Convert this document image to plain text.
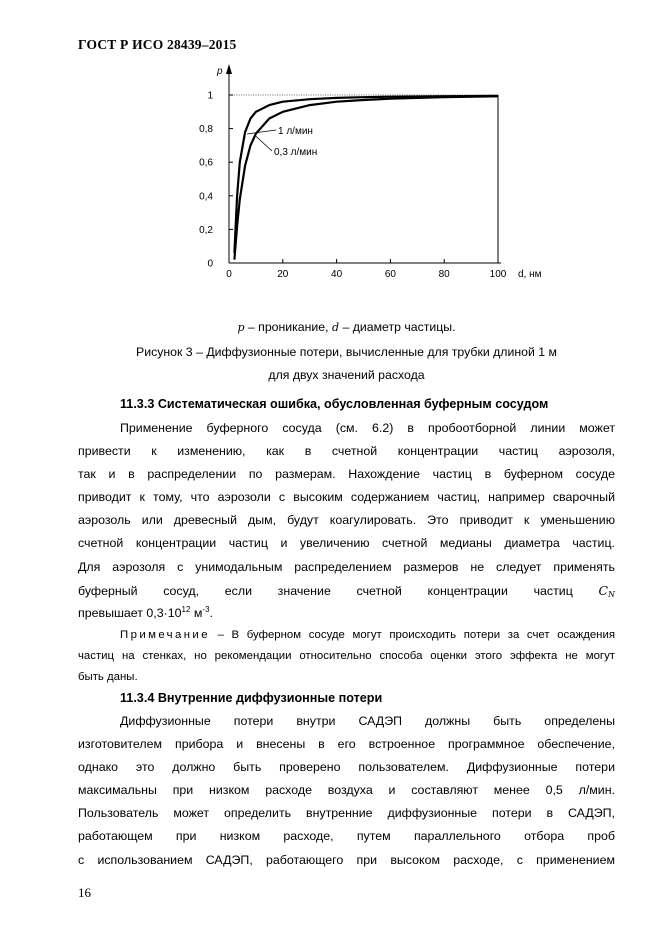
ГОСТ Р ИСО 28439–2015
0
0,2
0,4
0,6
0,8
1
0	20	40	60	80	100
p
d, нм
1 л/мин
0,3 л/мин
p – проникание, d – диаметр частицы.
Рисунок 3 – Диффузионные потери, вычисленные для трубки длиной 1 м
для двух значений расхода
11.3.3 Систематическая ошибка, обусловленная буферным сосудом
Применение буферного сосуда (см. 6.2) в пробоотборной линии может
привести к изменению, как в счетной концентрации частиц аэрозоля,
так и в распределении по размерам. Нахождение частиц в буферном сосуде
приводит к тому, что аэрозоли с высоким содержанием частиц, например сварочный
аэрозоль или древесный дым, будут коагулировать. Это приводит к уменьшению
счетной концентрации частиц и увеличению счетной медианы диаметра частиц.
Для аэрозоля с унимодальным распределением размеров не следует применять
буферный сосуд, если значение счетной концентрации частиц $C_N$
превышает $0,3\cdot 10^{12}$ $м^{-3}$.
Примечание – В буферном сосуде могут происходить потери за счет осаждения
частиц на стенках, но рекомендации относительно способа оценки этого эффекта не могут
быть даны.
11.3.4 Внутренние диффузионные потери
Диффузионные потери внутри САДЭП должны быть определены
изготовителем прибора и внесены в его встроенное программное обеспечение,
однако это должно быть проверено пользователем. Диффузионные потери
максимальны при низком расходе воздуха и составляют менее 0,5 л/мин.
Пользователь может определить внутренние диффузионные потери в САДЭП,
работающем при низком расходе, путем параллельного отбора проб
с использованием САДЭП, работающего при высоком расходе, с применением
16
